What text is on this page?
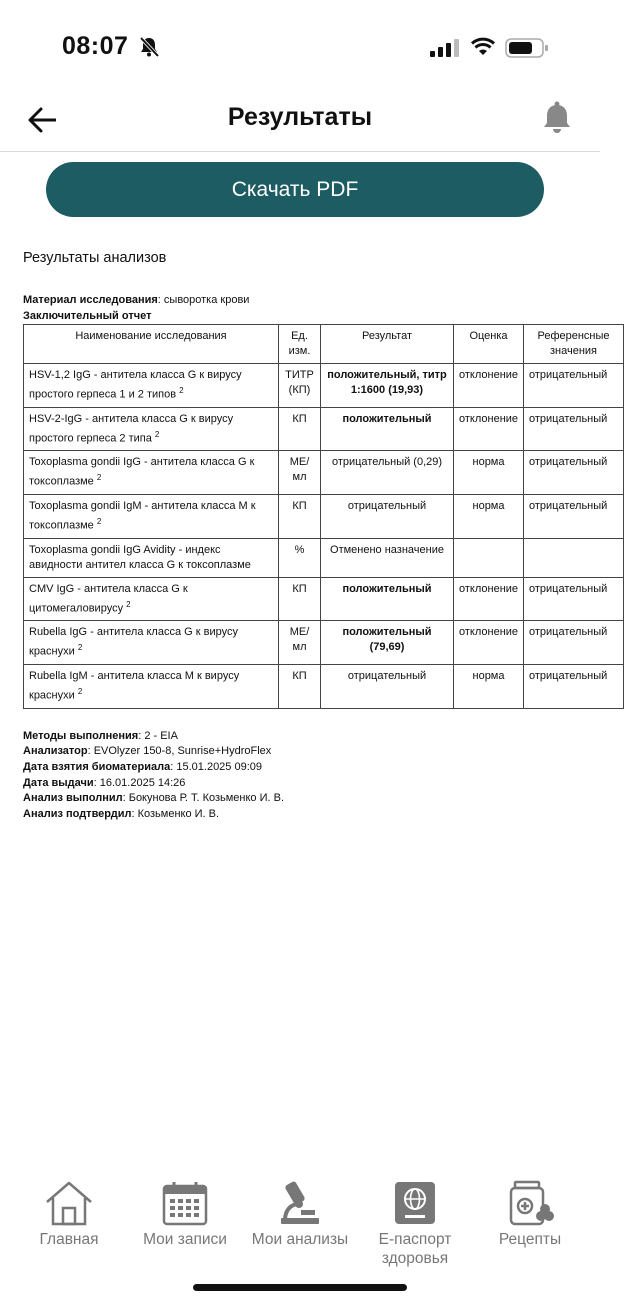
08:07
Результаты
Скачать PDF
Результаты анализов
Материал исследования: сыворотка крови
Заключительный отчет
Наименование исследования	Ед. изм.	Результат	Оценка	Референсные значения
HSV-1,2 IgG - антитела класса G к вирусу простого герпеса 1 и 2 типов $^2$	ТИТР (КП)	положительный, титр 1:1600 (19,93)	отклонение	отрицательный
HSV-2-IgG - антитела класса G к вирусу простого герпеса 2 типа $^2$	КП	положительный	отклонение	отрицательный
Toxoplasma gondii IgG - антитела класса G к токсоплазме $^2$	МЕ/ мл	отрицательный (0,29)	норма	отрицательный
Toxoplasma gondii IgM - антитела класса M к токсоплазме $^2$	КП	отрицательный	норма	отрицательный
Toxoplasma gondii IgG Avidity - индекс авидности антител класса G к токсоплазме	%	Отменено назначение		
CMV IgG - антитела класса G к цитомегаловирусу $^2$	КП	положительный	отклонение	отрицательный
Rubella IgG - антитела класса G к вирусу краснухи $^2$	МЕ/ мл	положительный (79,69)	отклонение	отрицательный
Rubella IgM - антитела класса M к вирусу краснухи $^2$	КП	отрицательный	норма	отрицательный
Методы выполнения: 2 - EIA
Анализатор: EVOlyzer 150-8, Sunrise+HydroFlex
Дата взятия биоматериала: 15.01.2025 09:09
Дата выдачи: 16.01.2025 14:26
Анализ выполнил: Бокунова Р. Т. Козьменко И. В.
Анализ подтвердил: Козьменко И. В.
Главная	Мои записи	Мои анализы	Е-паспорт здоровья
Рецепты
